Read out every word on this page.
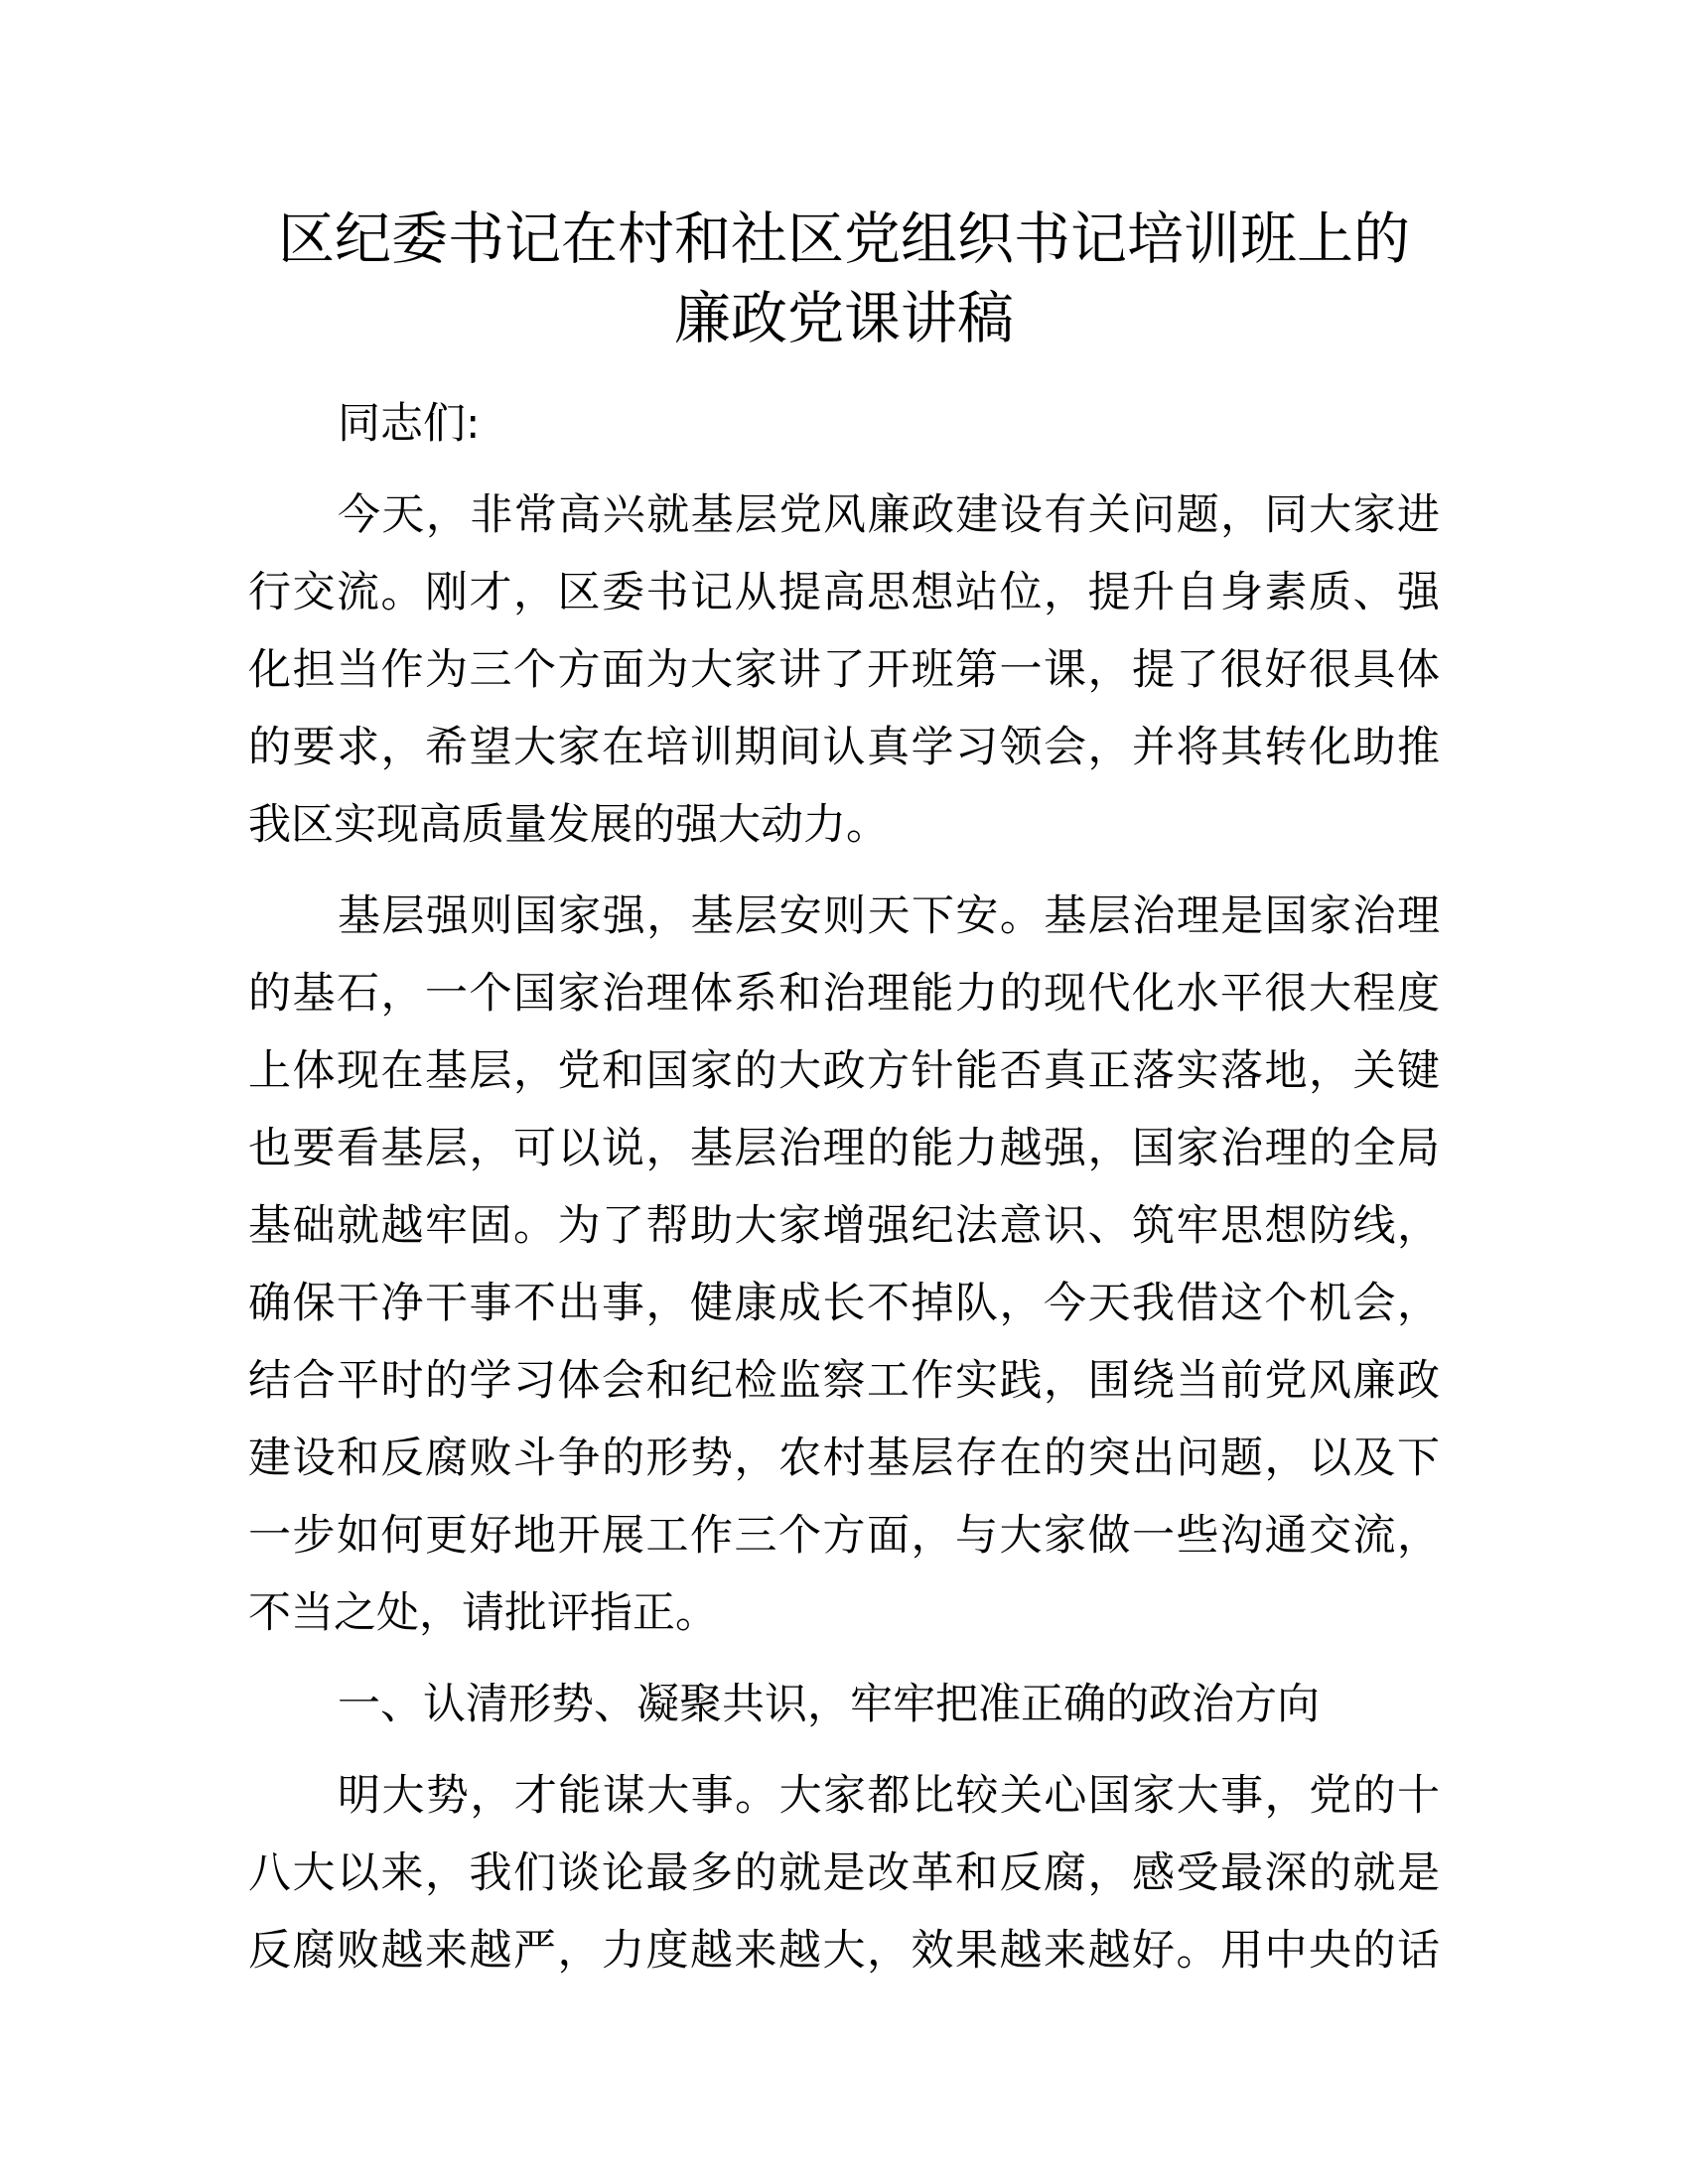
区纪委书记在村和社区党组织书记培训班上的
廉政党课讲稿
同志们:
今天，非常高兴就基层党风廉政建设有关问题，同大家进
行交流。刚才，区委书记从提高思想站位，提升自身素质、强
化担当作为三个方面为大家讲了开班第一课，提了很好很具体
的要求，希望大家在培训期间认真学习领会，并将其转化助推
我区实现高质量发展的强大动力。
基层强则国家强，基层安则天下安。基层治理是国家治理
的基石，一个国家治理体系和治理能力的现代化水平很大程度
上体现在基层，党和国家的大政方针能否真正落实落地，关键
也要看基层，可以说，基层治理的能力越强，国家治理的全局
基础就越牢固。为了帮助大家增强纪法意识、筑牢思想防线，
确保干净干事不出事，健康成长不掉队，今天我借这个机会，
结合平时的学习体会和纪检监察工作实践，围绕当前党风廉政
建设和反腐败斗争的形势，农村基层存在的突出问题，以及下
一步如何更好地开展工作三个方面，与大家做一些沟通交流，
不当之处，请批评指正。
一、认清形势、凝聚共识，牢牢把准正确的政治方向
明大势，才能谋大事。大家都比较关心国家大事，党的十
八大以来，我们谈论最多的就是改革和反腐，感受最深的就是
反腐败越来越严，力度越来越大，效果越来越好。用中央的话
